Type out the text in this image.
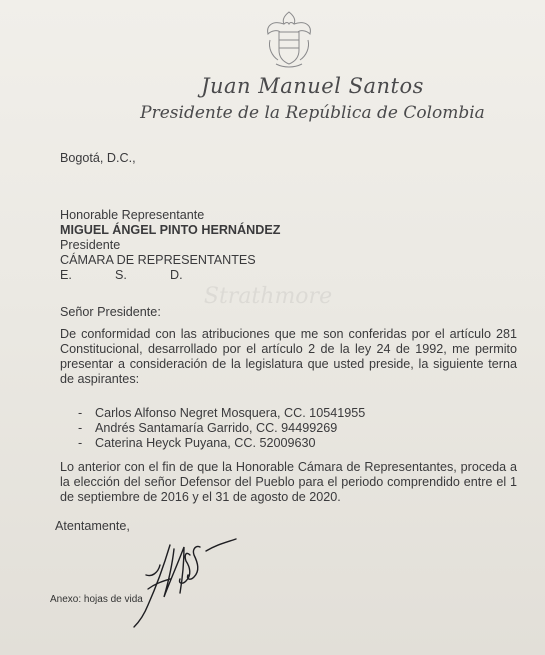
Juan Manuel Santos
Presidente de la República de Colombia
Strathmore
Bogotá, D.C.,
Honorable Representante
MIGUEL ÁNGEL PINTO HERNÁNDEZ
Presidente
CÁMARA DE REPRESENTANTES
E.	S.	D.
Señor Presidente:
De conformidad con las atribuciones que me son conferidas por el artículo 281 Constitucional, desarrollado por el artículo 2 de la ley 24 de 1992, me permito presentar a consideración de la legislatura que usted preside, la siguiente terna de aspirantes:
- Carlos Alfonso Negret Mosquera, CC. 10541955
- Andrés Santamaría Garrido, CC. 94499269
- Caterina Heyck Puyana, CC. 52009630
Lo anterior con el fin de que la Honorable Cámara de Representantes, proceda a la elección del señor Defensor del Pueblo para el periodo comprendido entre el 1 de septiembre de 2016 y el 31 de agosto de 2020.
Atentamente,
Anexo: hojas de vida
